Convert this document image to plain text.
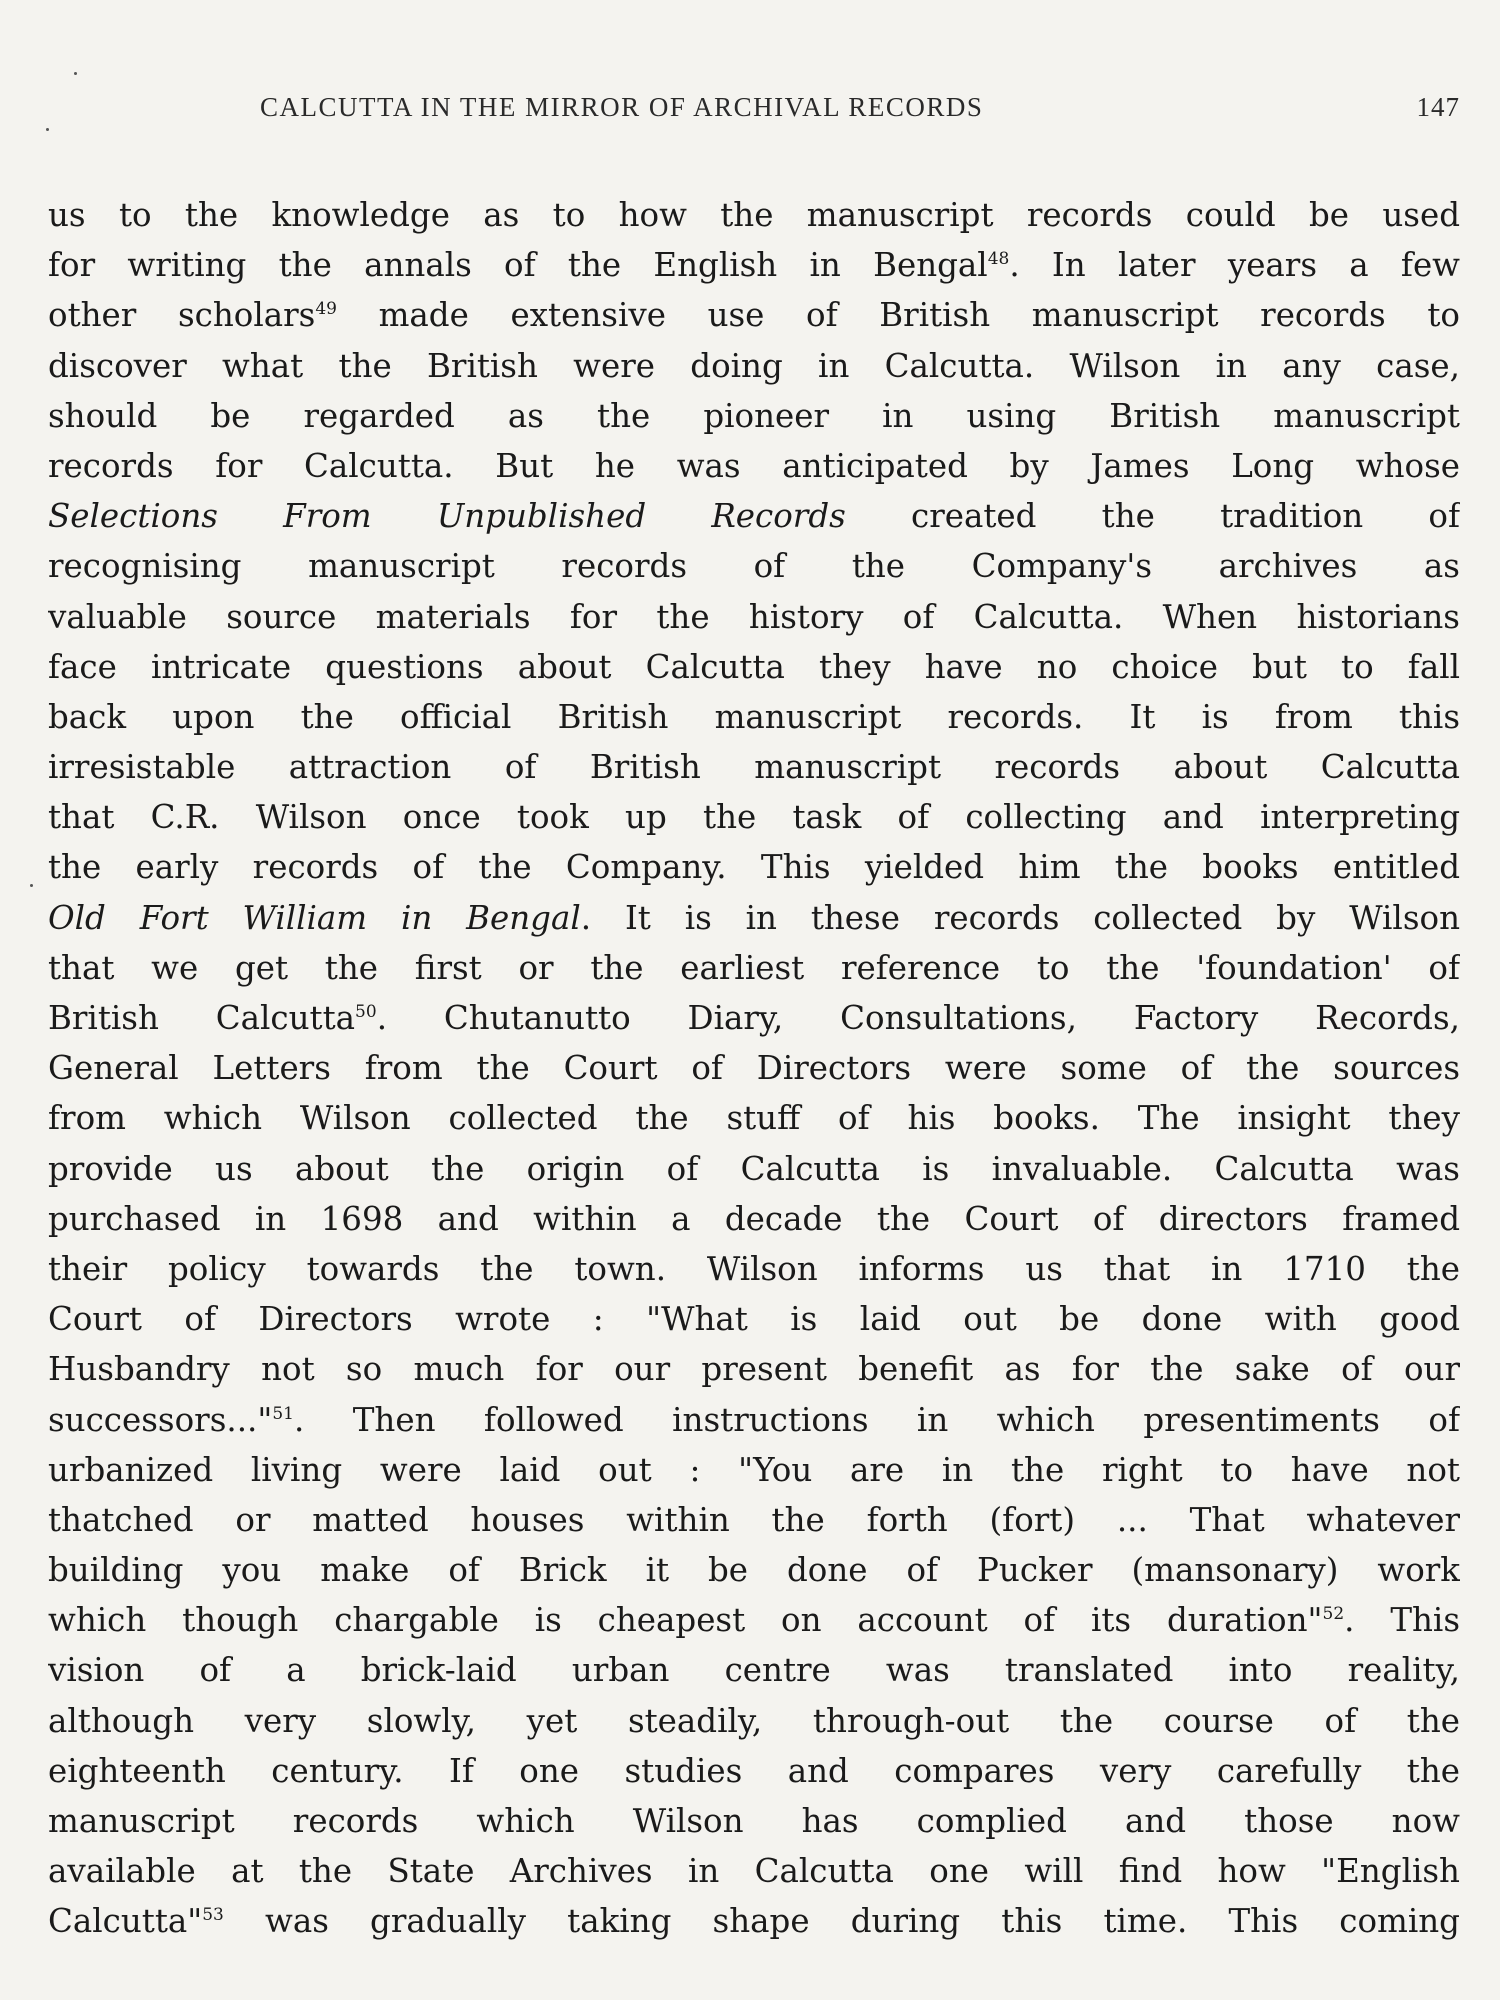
CALCUTTA IN THE MIRROR OF ARCHIVAL RECORDS	147
us to the knowledge as to how the manuscript records could be used
for writing the annals of the English in Bengal$^{48}$. In later years a few
other scholars$^{49}$ made extensive use of British manuscript records to
discover what the British were doing in Calcutta. Wilson in any case,
should be regarded as the pioneer in using British manuscript
records for Calcutta. But he was anticipated by James Long whose
Selections From Unpublished Records created the tradition of
recognising manuscript records of the Company's archives as
valuable source materials for the history of Calcutta. When historians
face intricate questions about Calcutta they have no choice but to fall
back upon the official British manuscript records. It is from this
irresistable attraction of British manuscript records about Calcutta
that C.R. Wilson once took up the task of collecting and interpreting
the early records of the Company. This yielded him the books entitled
Old Fort William in Bengal. It is in these records collected by Wilson
that we get the first or the earliest reference to the 'foundation' of
British Calcutta$^{50}$. Chutanutto Diary, Consultations, Factory Records,
General Letters from the Court of Directors were some of the sources
from which Wilson collected the stuff of his books. The insight they
provide us about the origin of Calcutta is invaluable. Calcutta was
purchased in 1698 and within a decade the Court of directors framed
their policy towards the town. Wilson informs us that in 1710 the
Court of Directors wrote : "What is laid out be done with good
Husbandry not so much for our present benefit as for the sake of our
successors..."$^{51}$. Then followed instructions in which presentiments of
urbanized living were laid out : "You are in the right to have not
thatched or matted houses within the forth (fort) ... That whatever
building you make of Brick it be done of Pucker (mansonary) work
which though chargable is cheapest on account of its duration"$^{52}$. This
vision of a brick-laid urban centre was translated into reality,
although very slowly, yet steadily, through-out the course of the
eighteenth century. If one studies and compares very carefully the
manuscript records which Wilson has complied and those now
available at the State Archives in Calcutta one will find how "English
Calcutta"$^{53}$ was gradually taking shape during this time. This coming
